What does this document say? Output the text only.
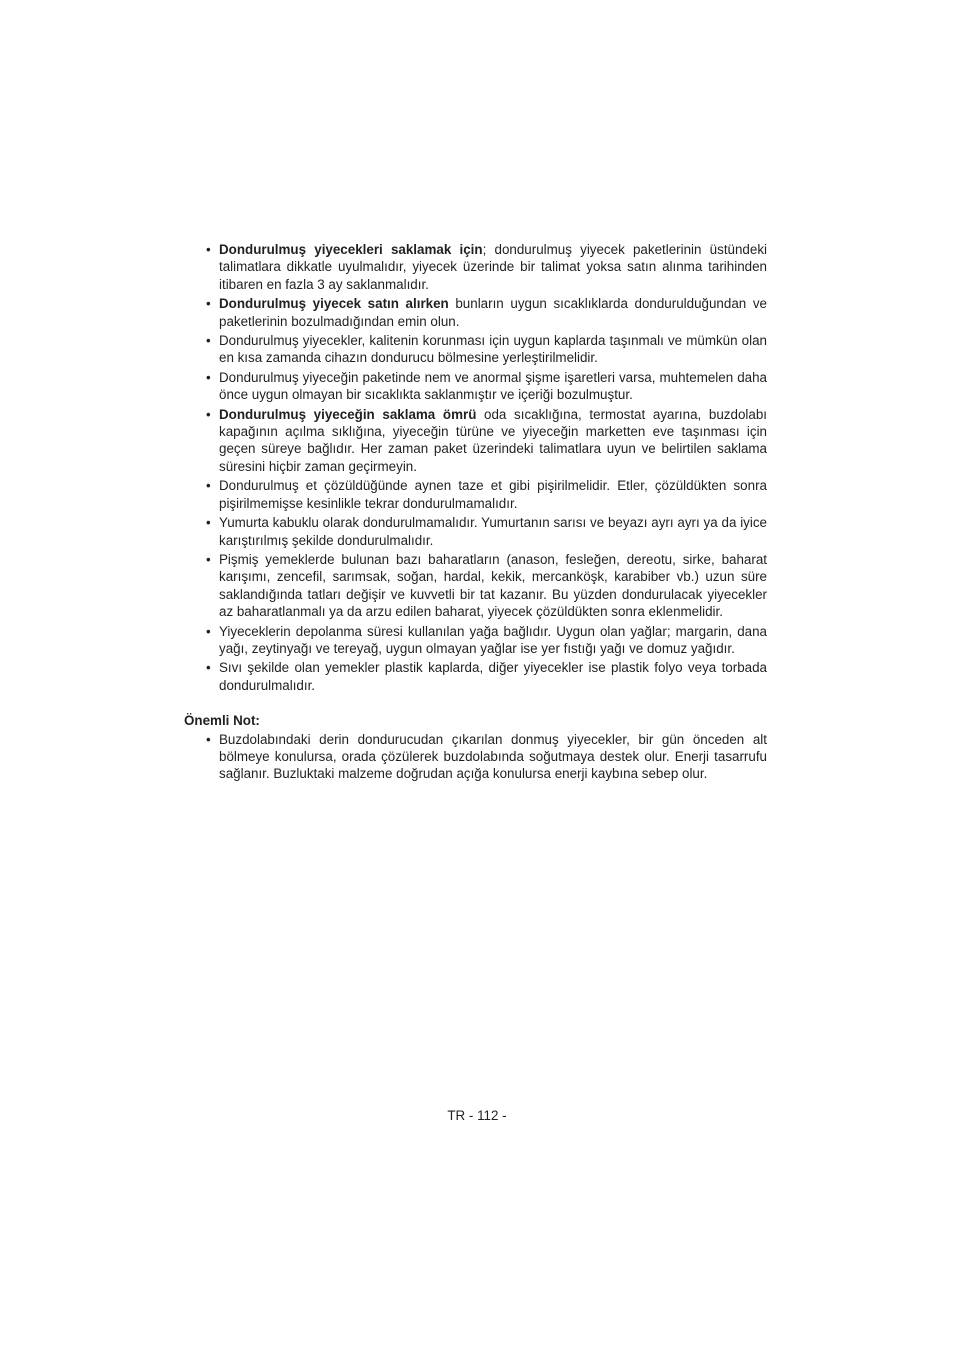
• Dondurulmuş yiyecekleri saklamak için; dondurulmuş yiyecek paketlerinin üstündeki talimatlara dikkatle uyulmalıdır, yiyecek üzerinde bir talimat yoksa satın alınma tarihinden itibaren en fazla 3 ay saklanmalıdır.
• Dondurulmuş yiyecek satın alırken bunların uygun sıcaklıklarda dondurulduğundan ve paketlerinin bozulmadığından emin olun.
• Dondurulmuş yiyecekler, kalitenin korunması için uygun kaplarda taşınmalı ve mümkün olan en kısa zamanda cihazın dondurucu bölmesine yerleştirilmelidir.
• Dondurulmuş yiyeceğin paketinde nem ve anormal şişme işaretleri varsa, muhtemelen daha önce uygun olmayan bir sıcaklıkta saklanmıştır ve içeriği bozulmuştur.
• Dondurulmuş yiyeceğin saklama ömrü oda sıcaklığına, termostat ayarına, buzdolabı kapağının açılma sıklığına, yiyeceğin türüne ve yiyeceğin marketten eve taşınması için geçen süreye bağlıdır. Her zaman paket üzerindeki talimatlara uyun ve belirtilen saklama süresini hiçbir zaman geçirmeyin.
• Dondurulmuş et çözüldüğünde aynen taze et gibi pişirilmelidir. Etler, çözüldükten sonra pişirilmemişse kesinlikle tekrar dondurulmamalıdır.
• Yumurta kabuklu olarak dondurulmamalıdır. Yumurtanın sarısı ve beyazı ayrı ayrı ya da iyice karıştırılmış şekilde dondurulmalıdır.
• Pişmiş yemeklerde bulunan bazı baharatların (anason, fesleğen, dereotu, sirke, baharat karışımı, zencefil, sarımsak, soğan, hardal, kekik, mercanköşk, karabiber vb.) uzun süre saklandığında tatları değişir ve kuvvetli bir tat kazanır. Bu yüzden dondurulacak yiyecekler az baharatlanmalı ya da arzu edilen baharat, yiyecek çözüldükten sonra eklenmelidir.
• Yiyeceklerin depolanma süresi kullanılan yağa bağlıdır. Uygun olan yağlar; margarin, dana yağı, zeytinyağı ve tereyağ, uygun olmayan yağlar ise yer fıstığı yağı ve domuz yağıdır.
• Sıvı şekilde olan yemekler plastik kaplarda, diğer yiyecekler ise plastik folyo veya torbada dondurulmalıdır.
Önemli Not:
• Buzdolabındaki derin dondurucudan çıkarılan donmuş yiyecekler, bir gün önceden alt bölmeye konulursa, orada çözülerek buzdolabında soğutmaya destek olur. Enerji tasarrufu sağlanır. Buzluktaki malzeme doğrudan açığa konulursa enerji kaybına sebep olur.
TR - 112 -
